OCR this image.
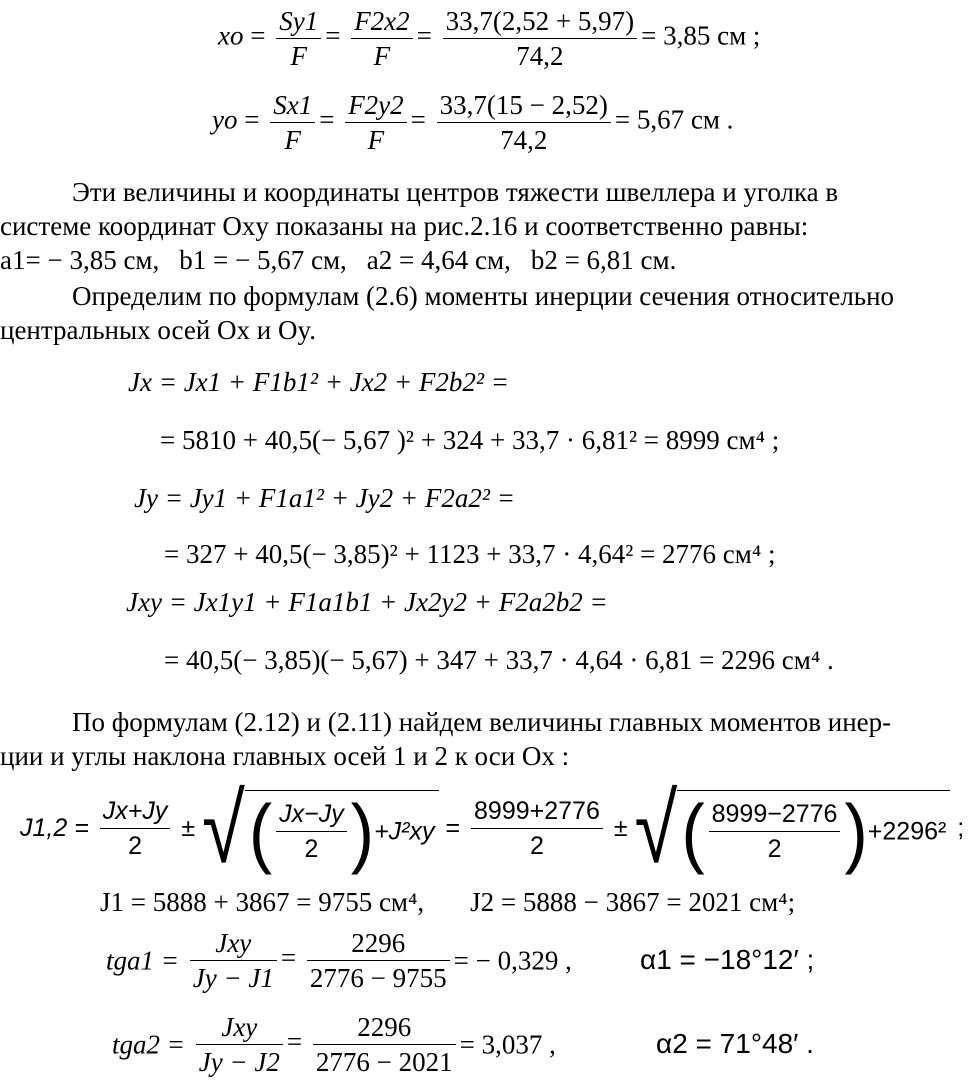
xo = $\frac{Sy1}{F} = \frac{F2x2}{F} = \frac{33,7(2,52 + 5,97)}{74,2} = 3,85$ см ;
yo = $\frac{Sx1}{F} = \frac{F2y2}{F} = \frac{33,7(15 - 2,52)}{74,2} = 5,67$ см .
Эти величины и координаты центров тяжести швеллера и уголка в
системе координат Oxy показаны на рис.2.16 и соответственно равны:
a1= − 3,85 см, b1 = − 5,67 см, a2 = 4,64 см, b2 = 6,81 см.
Определим по формулам (2.6) моменты инерции сечения относительно
центральных осей Ox и Oy.
Jx = Jx1 + F1b1² + Jx2 + F2b2² =
= 5810 + 40,5(− 5,67 )² + 324 + 33,7 · 6,81² = 8999 см⁴ ;
Jy = Jy1 + F1a1² + Jy2 + F2a2² =
= 327 + 40,5(− 3,85)² + 1123 + 33,7 · 4,64² = 2776 см⁴ ;
Jxy = Jx1y1 + F1a1b1 + Jx2y2 + F2a2b2 =
= 40,5(− 3,85)(− 5,67) + 347 + 33,7 · 4,64 · 6,81 = 2296 см⁴ .
По формулам (2.12) и (2.11) найдем величины главных моментов инер-
ции и углы наклона главных осей 1 и 2 к оси Ox :
$J1,2 = \frac{Jx+Jy}{2}$ ± √( $\frac{Jx-Jy}{2} )+J^2xy = \frac{8999+2776}{2}$ ± √( $\frac{8999-2776}{2} )+2296^2$ ;
J1 = 5888 + 3867 = 9755 см⁴, J2 = 5888 − 3867 = 2021 см⁴;
$tga1 = \frac{\text{Jxy}}{Jy - J1} = \frac{2296}{2776 - 9755}$ = − 0,329 , α1 = −18°12′ ;
$tga2 = \frac{\text{Jxy}}{Jy - J2} = \frac{2296}{2776 - 2021} = 3,037$ ,	α2 = 71°48′ .
